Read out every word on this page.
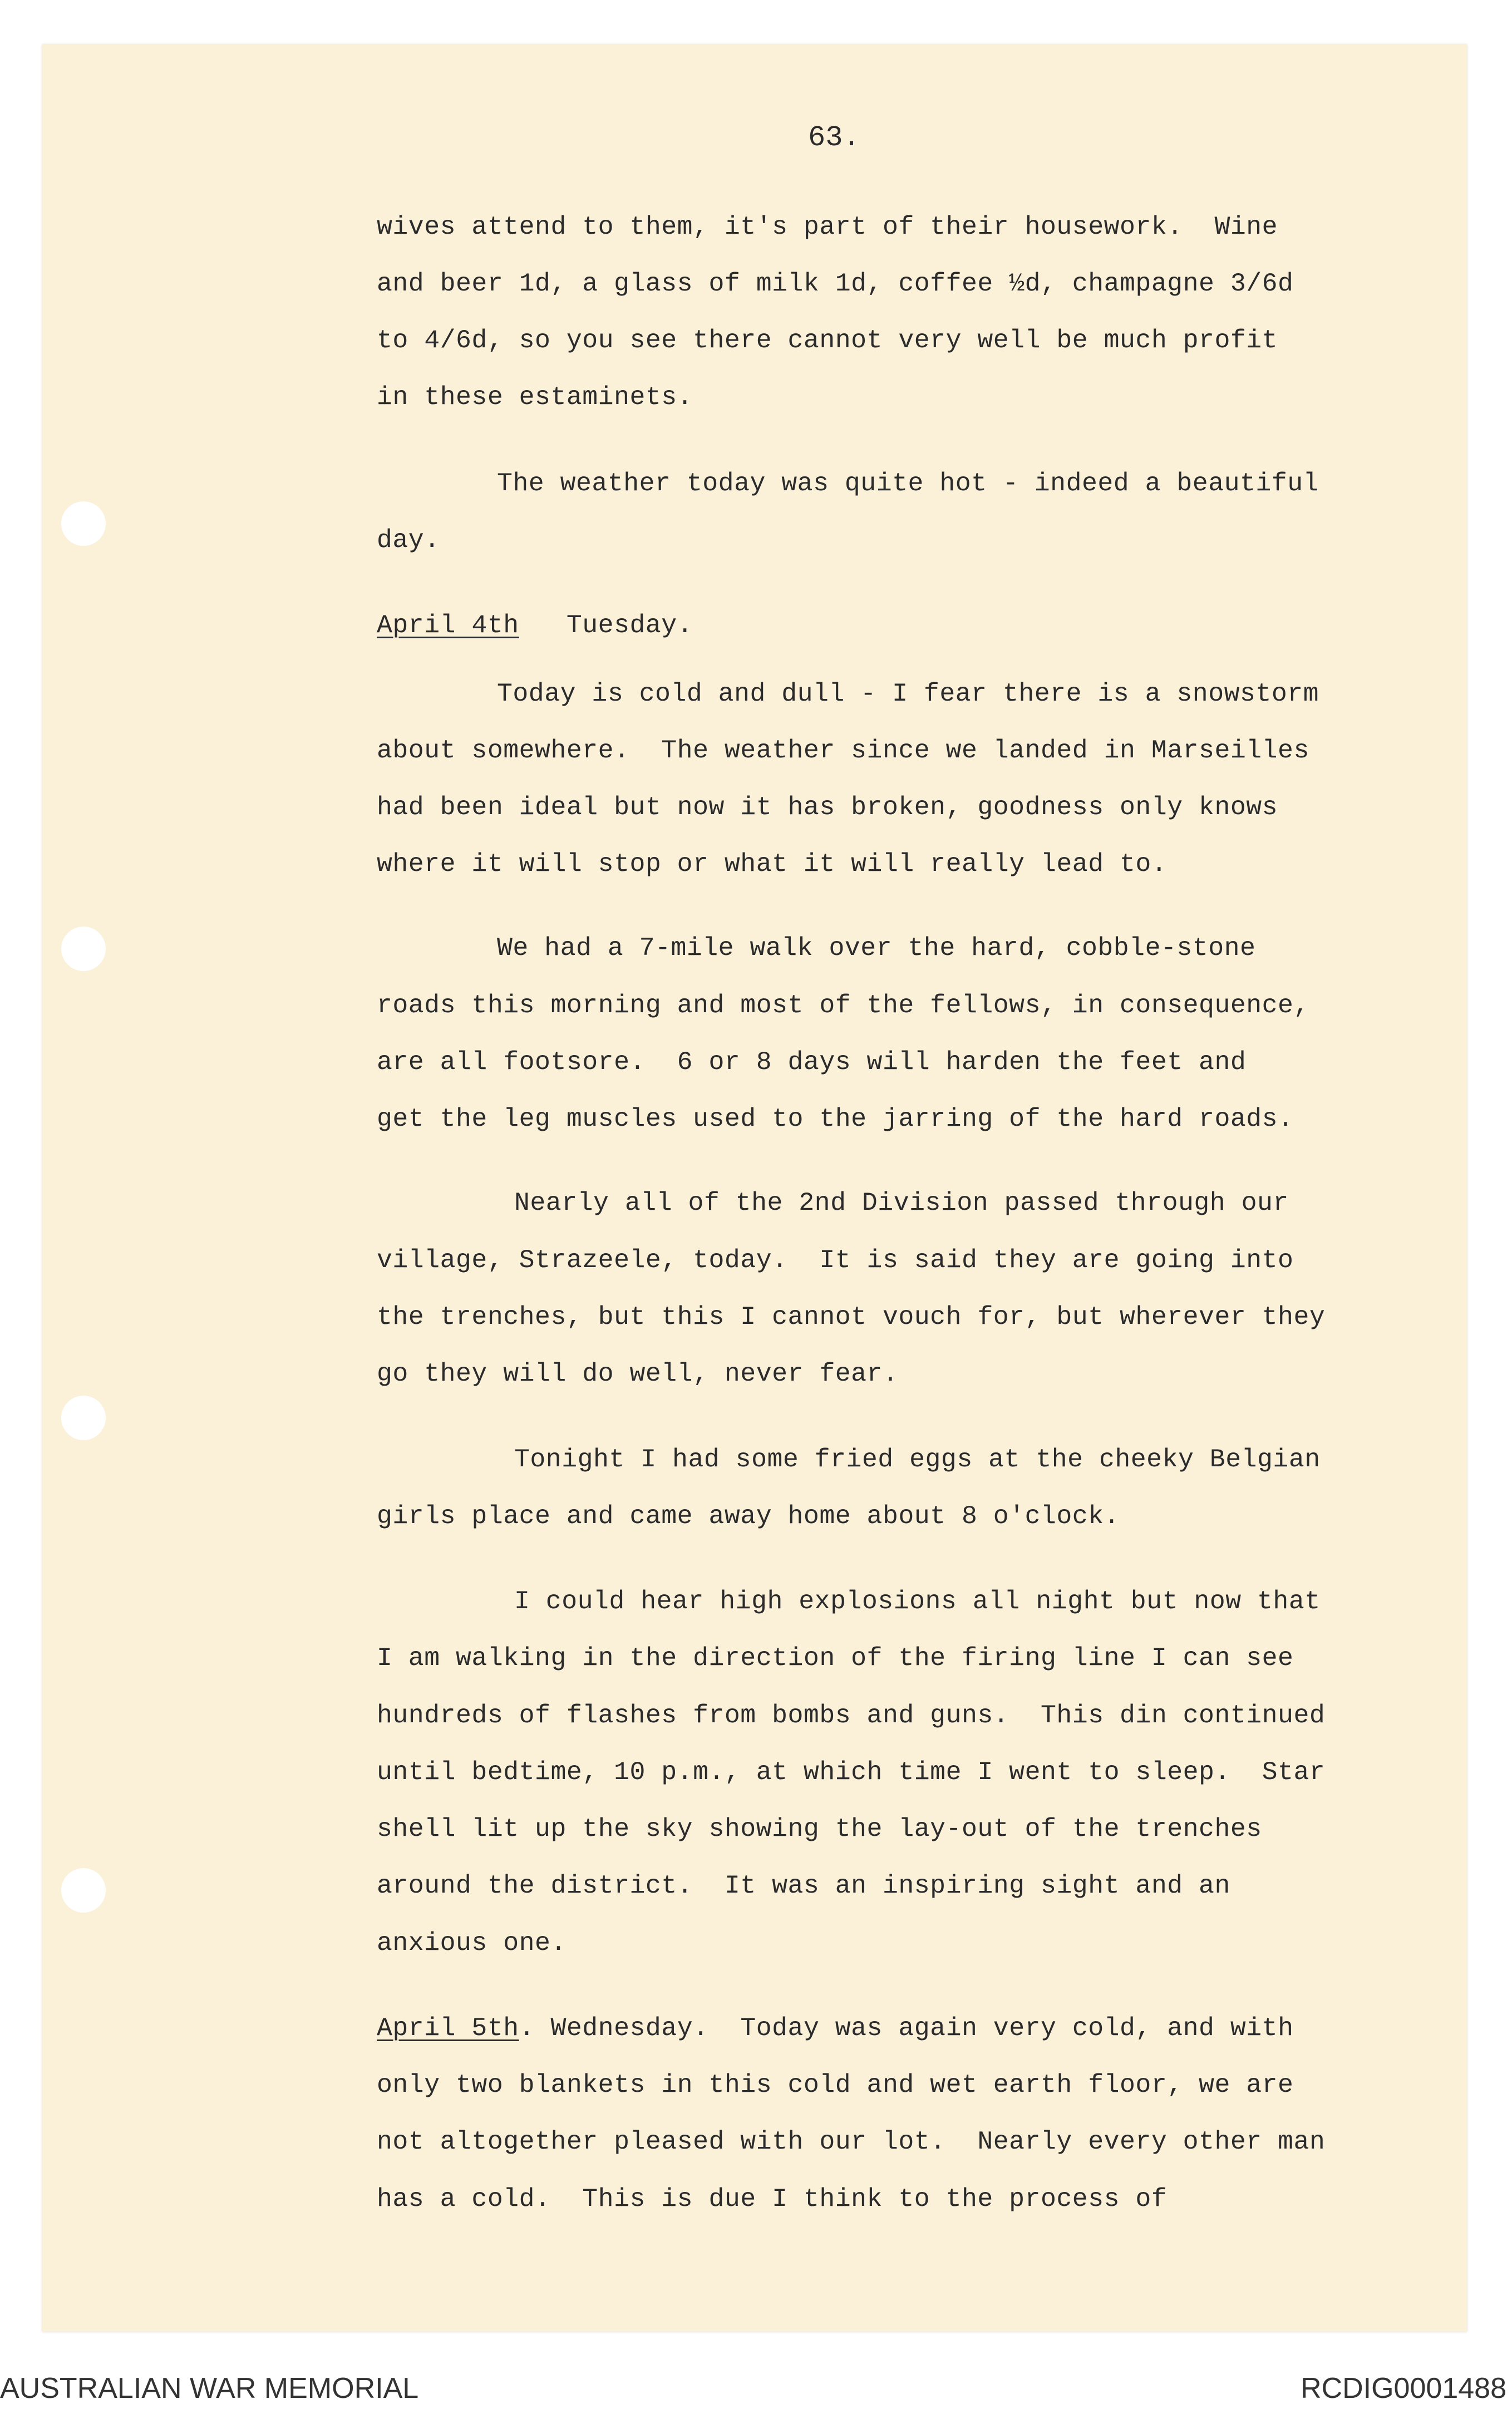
63.
wives attend to them, it's part of their housework.  Wine
and beer 1d, a glass of milk 1d, coffee ½d, champagne 3/6d
to 4/6d, so you see there cannot very well be much profit
in these estaminets.
The weather today was quite hot - indeed a beautiful
day.
April 4th   Tuesday.
Today is cold and dull - I fear there is a snowstorm
about somewhere.  The weather since we landed in Marseilles
had been ideal but now it has broken, goodness only knows
where it will stop or what it will really lead to.
We had a 7-mile walk over the hard, cobble-stone
roads this morning and most of the fellows, in consequence,
are all footsore.  6 or 8 days will harden the feet and
get the leg muscles used to the jarring of the hard roads.
Nearly all of the 2nd Division passed through our
village, Strazeele, today.  It is said they are going into
the trenches, but this I cannot vouch for, but wherever they
go they will do well, never fear.
Tonight I had some fried eggs at the cheeky Belgian
girls place and came away home about 8 o'clock.
I could hear high explosions all night but now that
I am walking in the direction of the firing line I can see
hundreds of flashes from bombs and guns.  This din continued
until bedtime, 10 p.m., at which time I went to sleep.  Star
shell lit up the sky showing the lay-out of the trenches
around the district.  It was an inspiring sight and an
anxious one.
April 5th. Wednesday.  Today was again very cold, and with
only two blankets in this cold and wet earth floor, we are
not altogether pleased with our lot.  Nearly every other man
has a cold.  This is due I think to the process of
AUSTRALIAN WAR MEMORIAL	RCDIG0001488
